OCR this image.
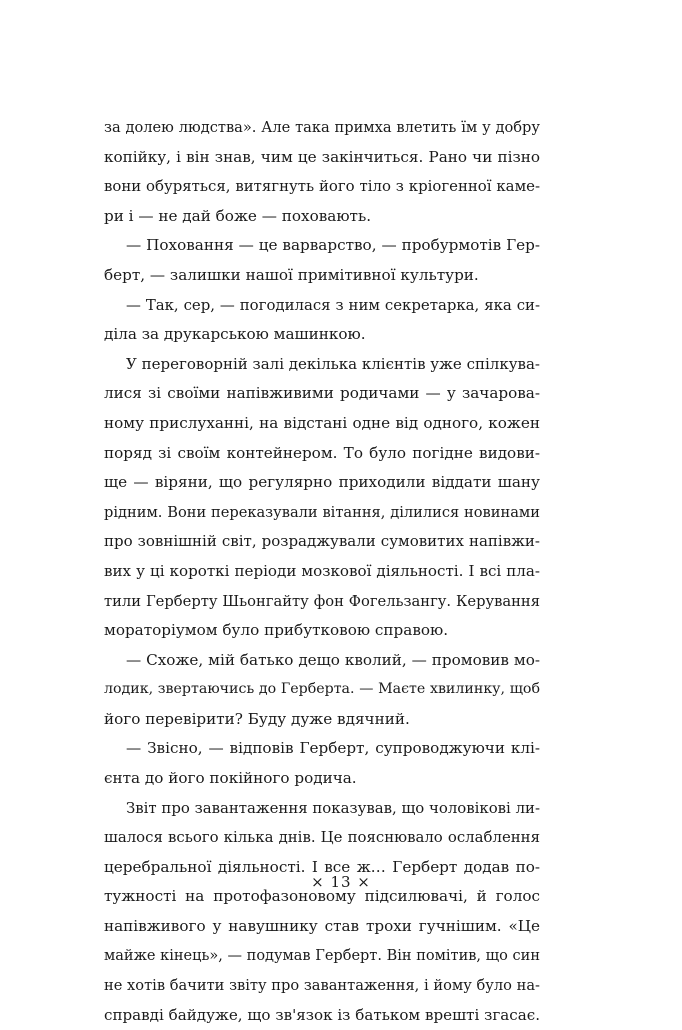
за долею людства». Але така примха влетить їм у добру
копійку, і він знав, чим це закінчиться. Рано чи пізно
вони обуряться, витягнуть його тіло з кріогенної каме-
ри і — не дай боже — поховають.
— Поховання — це варварство, — пробурмотів Гер-
берт, — залишки нашої примітивної культури.
— Так, сер, — погодилася з ним секретарка, яка си-
діла за друкарською машинкою.
У переговорній залі декілька клієнтів уже спілкува-
лися зі своїми напівживими родичами — у зачарова-
ному прислуханні, на відстані одне від одного, кожен
поряд зі своїм контейнером. То було погідне видови-
ще — віряни, що регулярно приходили віддати шану
рідним. Вони переказували вітання, ділилися новинами
про зовнішній світ, розраджували сумовитих напівжи-
вих у ці короткі періоди мозкової діяльності. І всі пла-
тили Герберту Шьонгайту фон Фогельзангу. Керування
мораторіумом було прибутковою справою.
— Схоже, мій батько дещо кволий, — промовив мо-
лодик, звертаючись до Герберта. — Маєте хвилинку, щоб
його перевірити? Буду дуже вдячний.
— Звісно, — відповів Герберт, супроводжуючи клі-
єнта до його покійного родича.
Звіт про завантаження показував, що чоловікові ли-
шалося всього кілька днів. Це пояснювало ослаблення
церебральної діяльності. І все ж… Герберт додав по-
тужності на протофазоновому підсилювачі, й голос
напівживого у навушнику став трохи гучнішим. «Це
майже кінець», — подумав Герберт. Він помітив, що син
не хотів бачити звіту про завантаження, і йому було на-
справді байдуже, що зв'язок із батьком врешті згасає.
× 13 ×
